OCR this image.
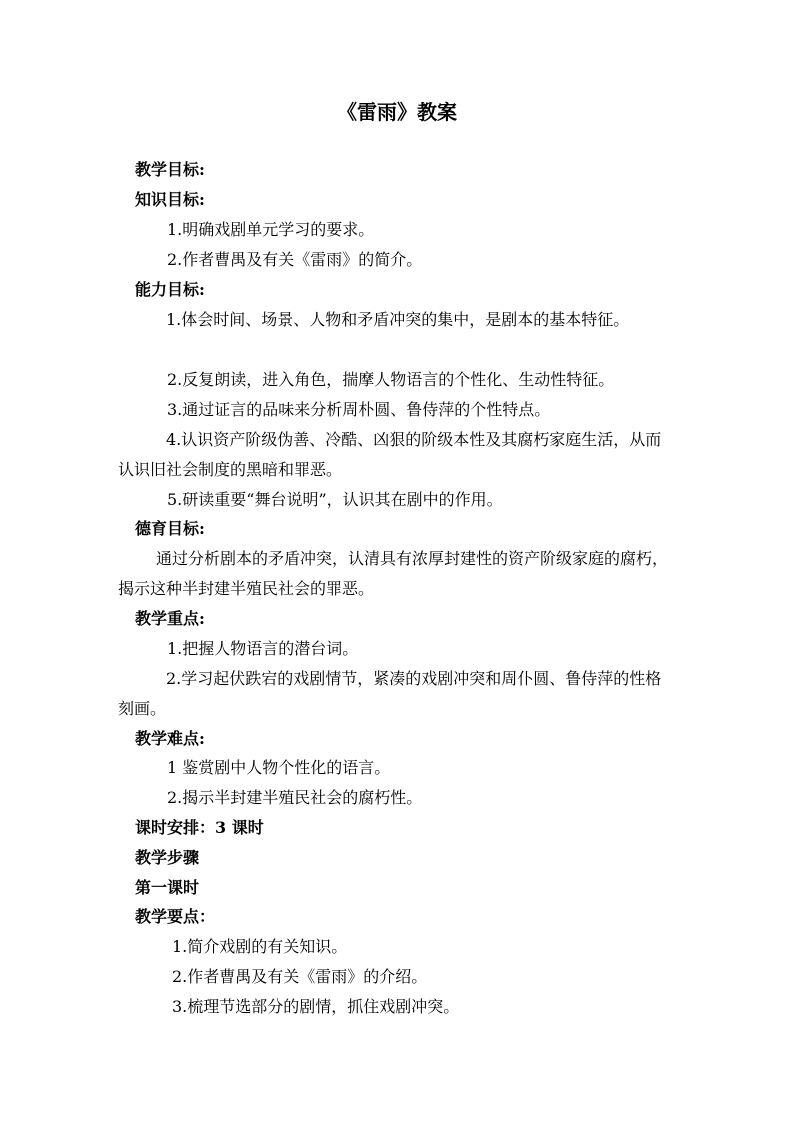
《雷雨》教案
教学目标:
知识目标:
1.明确戏剧单元学习的要求。
2.作者曹禺及有关《雷雨》的简介。
能力目标:
1.体会时间、场景、人物和矛盾冲突的集中，是剧本的基本特征。
2.反复朗读，进入角色，揣摩人物语言的个性化、生动性特征。
3.通过证言的品味来分析周朴圆、鲁侍萍的个性特点。
4.认识资产阶级伪善、冷酷、凶狠的阶级本性及其腐朽家庭生活，从而认识旧社会制度的黑暗和罪恶。
5.研读重要“舞台说明”，认识其在剧中的作用。
德育目标:
通过分析剧本的矛盾冲突，认清具有浓厚封建性的资产阶级家庭的腐朽，揭示这种半封建半殖民社会的罪恶。
教学重点:
1.把握人物语言的潜台词。
2.学习起伏跌宕的戏剧情节，紧凑的戏剧冲突和周仆圆、鲁侍萍的性格刻画。
教学难点:
1 鉴赏剧中人物个性化的语言。
2.揭示半封建半殖民社会的腐朽性。
课时安排：3 课时
教学步骤
第一课时
教学要点：
1.简介戏剧的有关知识。
2.作者曹禺及有关《雷雨》的介绍。
3.梳理节选部分的剧情，抓住戏剧冲突。
